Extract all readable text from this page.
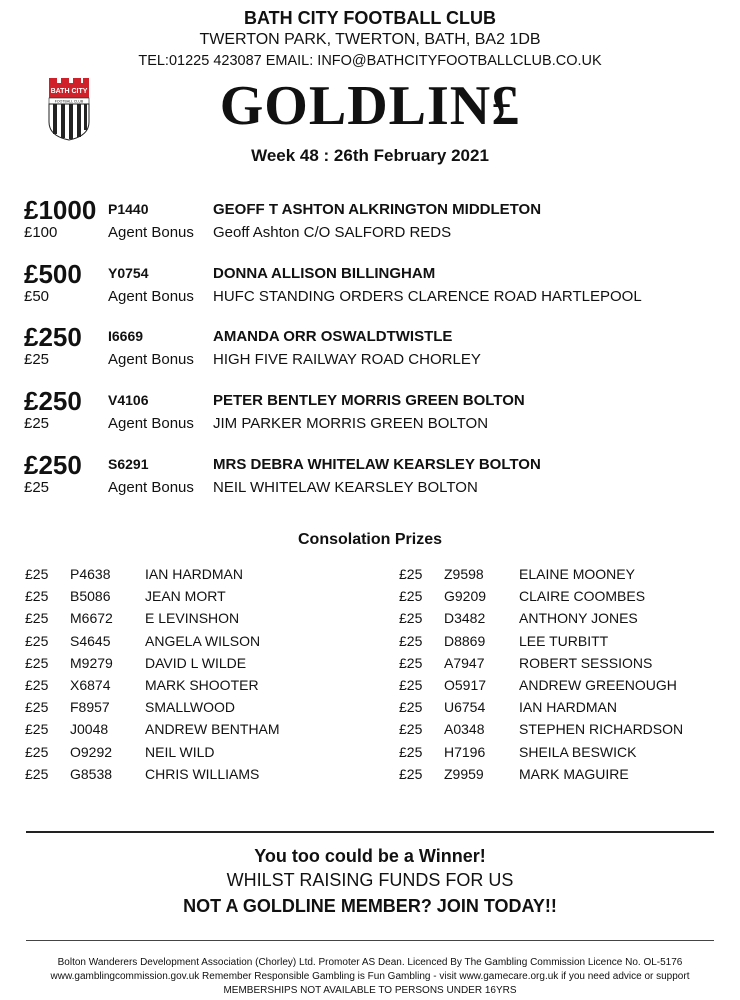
BATH CITY FOOTBALL CLUB
TWERTON PARK, TWERTON, BATH, BA2 1DB
TEL:01225 423087 EMAIL: INFO@BATHCITYFOOTBALLCLUB.CO.UK
BATH CITY
FOOTBALL CLUB	GOLDLIN£
Week 48 : 26th February 2021
£1000 P1440	GEOFF T ASHTON ALKRINGTON MIDDLETON
£100	Agent Bonus Geoff Ashton C/O SALFORD REDS
£500 Y0754	DONNA ALLISON BILLINGHAM
£50	Agent Bonus HUFC STANDING ORDERS CLARENCE ROAD HARTLEPOOL
£250 I6669	AMANDA ORR OSWALDTWISTLE
£25	Agent Bonus HIGH FIVE RAILWAY ROAD CHORLEY
£250 V4106	PETER BENTLEY MORRIS GREEN BOLTON
£25	Agent Bonus JIM PARKER MORRIS GREEN BOLTON
£250 S6291	MRS DEBRA WHITELAW KEARSLEY BOLTON
£25	Agent Bonus NEIL WHITELAW KEARSLEY BOLTON
Consolation Prizes
£25 P4638 IAN HARDMAN
£25 B5086 JEAN MORT
£25 M6672 E LEVINSHON
£25 S4645 ANGELA WILSON
£25 M9279 DAVID L WILDE
£25 X6874 MARK SHOOTER
£25 F8957	SMALLWOOD
£25 J0048	ANDREW BENTHAM
£25 O9292 NEIL WILD
£25 G8538 CHRIS WILLIAMS
£25 Z9598	ELAINE MOONEY
£25 G9209 CLAIRE COOMBES
£25 D3482 ANTHONY JONES
£25 D8869 LEE TURBITT
£25 A7947 ROBERT SESSIONS
£25 O5917 ANDREW GREENOUGH
£25 U6754 IAN HARDMAN
£25 A0348 STEPHEN RICHARDSON
£25 H7196 SHEILA BESWICK
£25 Z9959	MARK MAGUIRE
You too could be a Winner!
WHILST RAISING FUNDS FOR US
NOT A GOLDLINE MEMBER? JOIN TODAY!!
Bolton Wanderers Development Association (Chorley) Ltd. Promoter AS Dean. Licenced By The Gambling Commission Licence No. OL-5176
www.gamblingcommission.gov.uk Remember Responsible Gambling is Fun Gambling - visit www.gamecare.org.uk if you need advice or support
MEMBERSHIPS NOT AVAILABLE TO PERSONS UNDER 16YRS
